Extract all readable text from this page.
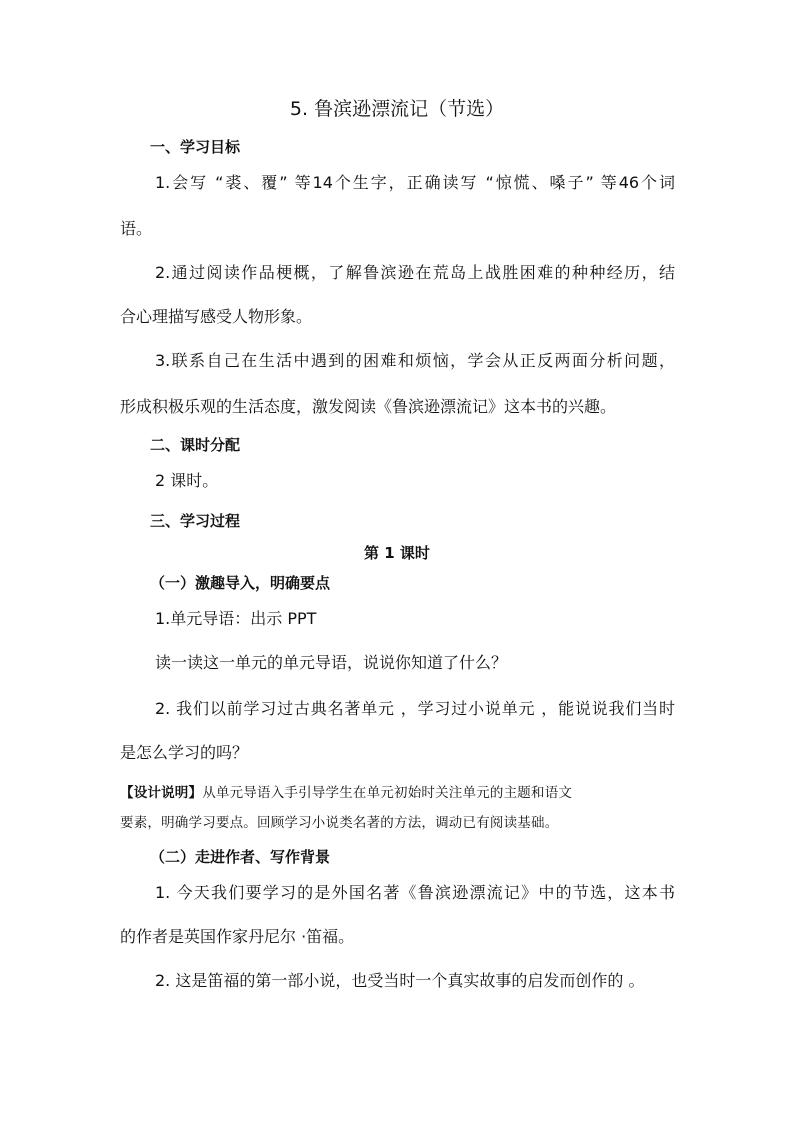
5. 鲁滨逊漂流记（节选）
一、学习目标
1.会写 “裘、覆” 等14个生字，正确读写 “惊慌、嗓子” 等46个词
语。
2.通过阅读作品梗概，了解鲁滨逊在荒岛上战胜困难的种种经历，结
合心理描写感受人物形象。
3.联系自己在生活中遇到的困难和烦恼，学会从正反两面分析问题，
形成积极乐观的生活态度，激发阅读《鲁滨逊漂流记》这本书的兴趣。
二、课时分配
2 课时。
三、学习过程
第 1 课时
（一）激趣导入，明确要点
1.单元导语：出示 PPT
读一读这一单元的单元导语，说说你知道了什么？
2. 我们以前学习过古典名著单元 ，学习过小说单元 ，能说说我们当时
是怎么学习的吗？
【设计说明】从单元导语入手引导学生在单元初始时关注单元的主题和语文
要素，明确学习要点。回顾学习小说类名著的方法，调动已有阅读基础。
（二）走进作者、写作背景
1. 今天我们要学习的是外国名著《鲁滨逊漂流记》中的节选，这本书
的作者是英国作家丹尼尔 ·笛福。
2. 这是笛福的第一部小说，也受当时一个真实故事的启发而创作的 。
